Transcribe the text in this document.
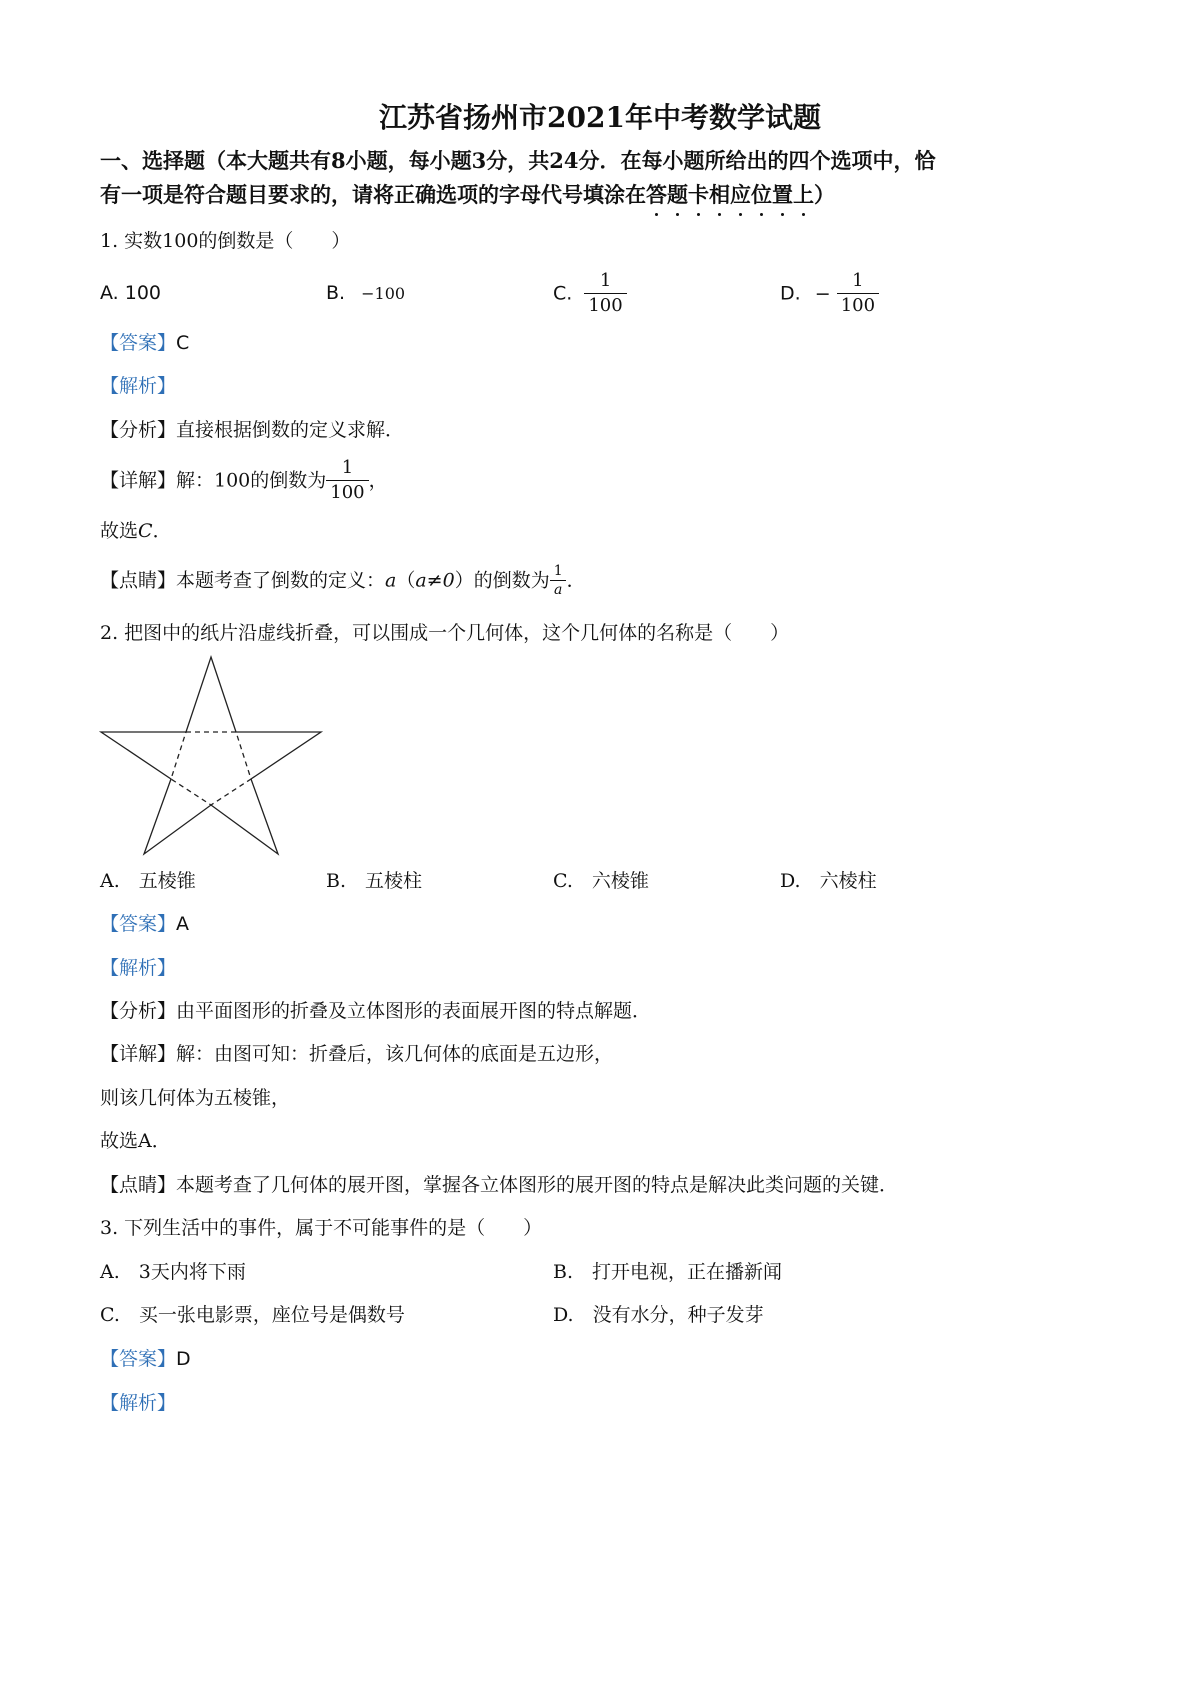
江苏省扬州市2021年中考数学试题
一、选择题（本大题共有8小题，每小题3分，共24分．在每小题所给出的四个选项中，恰
有一项是符合题目要求的，请将正确选项的字母代号填涂在答题卡相应位置上）
1. 实数100的倒数是（　　）
A. 100	B. −100	C. $\frac{1}{100}$	D. − $\frac{1}{100}$
【答案】C
【解析】
【分析】直接根据倒数的定义求解．
【详解】解：100的倒数为 $\frac{1}{100}$ ，
故选C．
【点睛】本题考查了倒数的定义：a（a≠0）的倒数为 $\frac{1}{a}$ ．
2. 把图中的纸片沿虚线折叠，可以围成一个几何体，这个几何体的名称是（　　）
A.　五棱锥	B.　五棱柱	C.　六棱锥	D.　六棱柱
【答案】A
【解析】
【分析】由平面图形的折叠及立体图形的表面展开图的特点解题．
【详解】解：由图可知：折叠后，该几何体的底面是五边形，
则该几何体为五棱锥，
故选A．
【点睛】本题考查了几何体的展开图，掌握各立体图形的展开图的特点是解决此类问题的关键．
3. 下列生活中的事件，属于不可能事件的是（　　）
A.　3天内将下雨	B.　打开电视，正在播新闻
C.　买一张电影票，座位号是偶数号	D.　没有水分，种子发芽
【答案】D
【解析】
